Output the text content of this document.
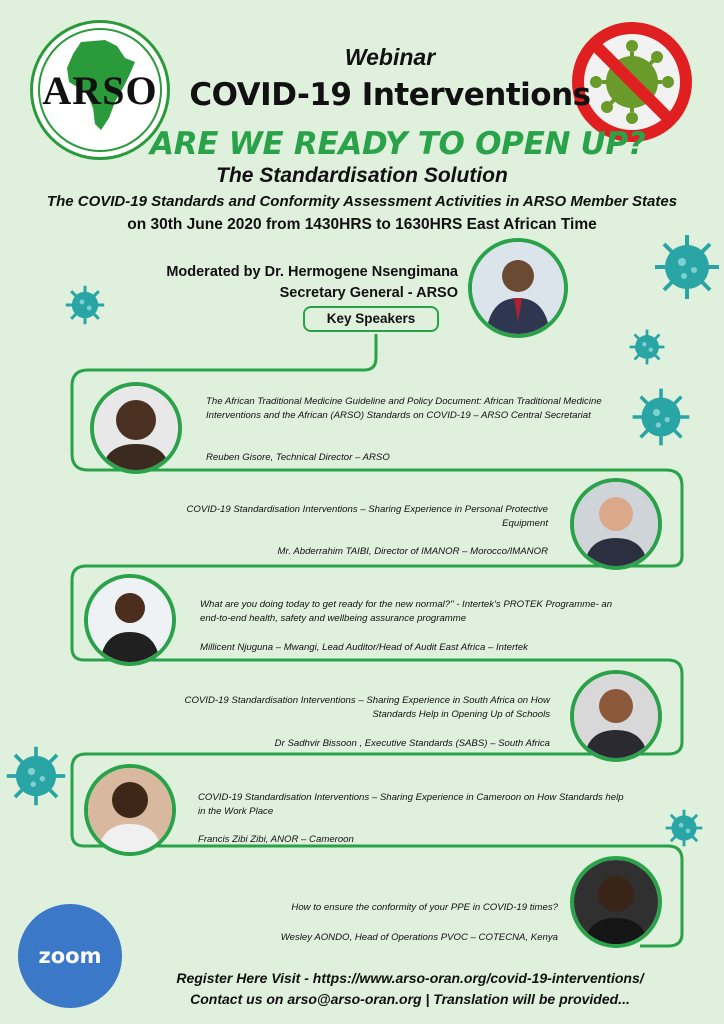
ARSO
Webinar
COVID-19 Interventions
ARE WE READY TO OPEN UP?
The Standardisation Solution
The COVID-19 Standards and Conformity Assessment Activities in ARSO Member States
on 30th June 2020 from 1430HRS to 1630HRS East African Time
Moderated by Dr. Hermogene Nsengimana
Secretary General - ARSO
Key Speakers
The African Traditional Medicine Guideline and Policy Document: African Traditional Medicine Interventions and the African (ARSO) Standards on COVID-19 – ARSO Central Secretariat
Reuben Gisore, Technical Director – ARSO
COVID-19 Standardisation Interventions – Sharing Experience in Personal Protective Equipment
Mr. Abderrahim TAIBI, Director of IMANOR – Morocco/IMANOR
What are you doing today to get ready for the new normal?" - Intertek's PROTEK Programme- an end-to-end health, safety and wellbeing assurance programme
Millicent Njuguna – Mwangi, Lead Auditor/Head of Audit East Africa – Intertek
COVID-19 Standardisation Interventions – Sharing Experience in South Africa on How Standards Help in Opening Up of Schools
Dr Sadhvir Bissoon , Executive Standards (SABS) – South Africa
COVID-19 Standardisation Interventions – Sharing Experience in Cameroon on How Standards help in the Work Place
Francis Zibi Zibi, ANOR – Cameroon
How to ensure the conformity of your PPE in COVID-19 times?
Wesley AONDO, Head of Operations PVOC – COTECNA, Kenya
zoom
Register Here Visit - https://www.arso-oran.org/covid-19-interventions/
Contact us on arso@arso-oran.org | Translation will be provided...
